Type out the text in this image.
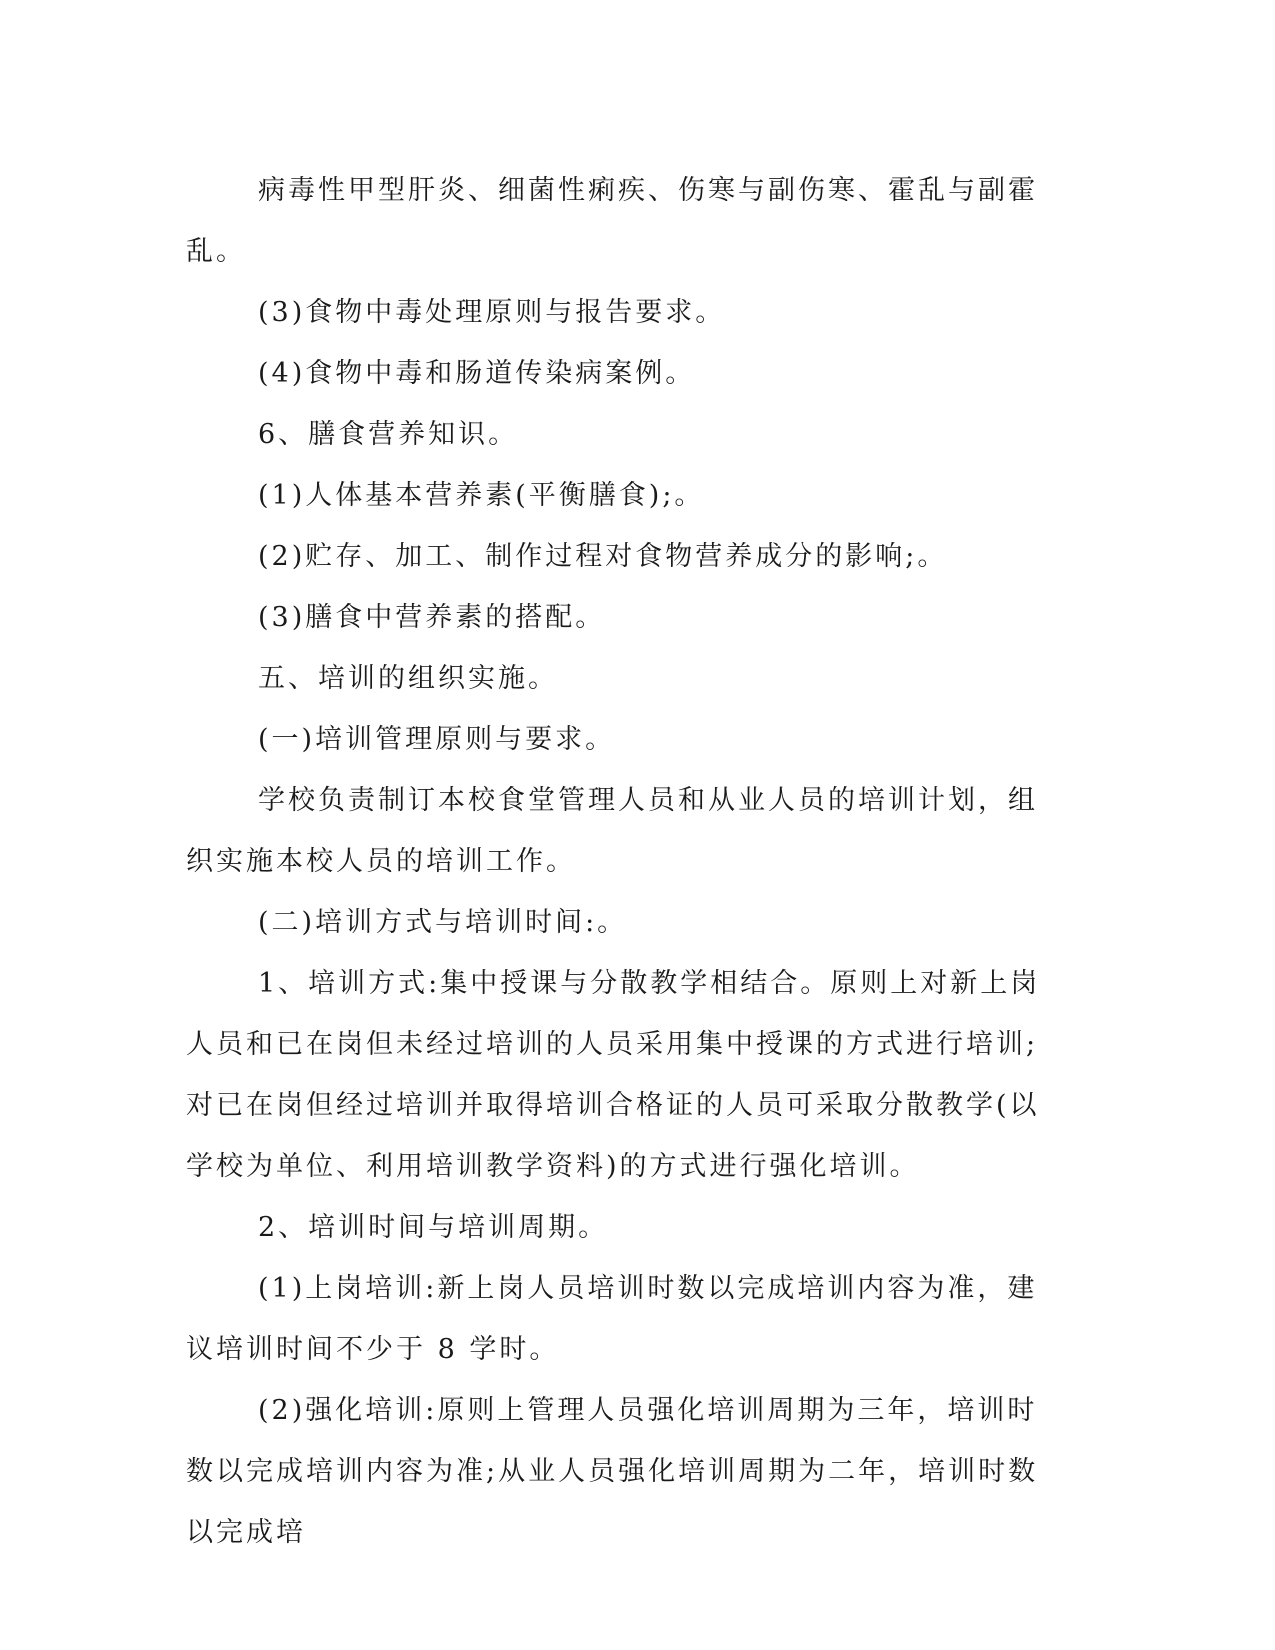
病毒性甲型肝炎、细菌性痢疾、伤寒与副伤寒、霍乱与副霍乱。

(3)食物中毒处理原则与报告要求。

(4)食物中毒和肠道传染病案例。

6、膳食营养知识。

(1)人体基本营养素(平衡膳食);。

(2)贮存、加工、制作过程对食物营养成分的影响;。

(3)膳食中营养素的搭配。

五、培训的组织实施。

(一)培训管理原则与要求。

学校负责制订本校食堂管理人员和从业人员的培训计划，组织实施本校人员的培训工作。

(二)培训方式与培训时间:。

1、培训方式:集中授课与分散教学相结合。原则上对新上岗人员和已在岗但未经过培训的人员采用集中授课的方式进行培训;对已在岗但经过培训并取得培训合格证的人员可采取分散教学(以学校为单位、利用培训教学资料)的方式进行强化培训。

2、培训时间与培训周期。

(1)上岗培训:新上岗人员培训时数以完成培训内容为准，建议培训时间不少于 8 学时。

(2)强化培训:原则上管理人员强化培训周期为三年，培训时数以完成培训内容为准;从业人员强化培训周期为二年，培训时数以完成培
